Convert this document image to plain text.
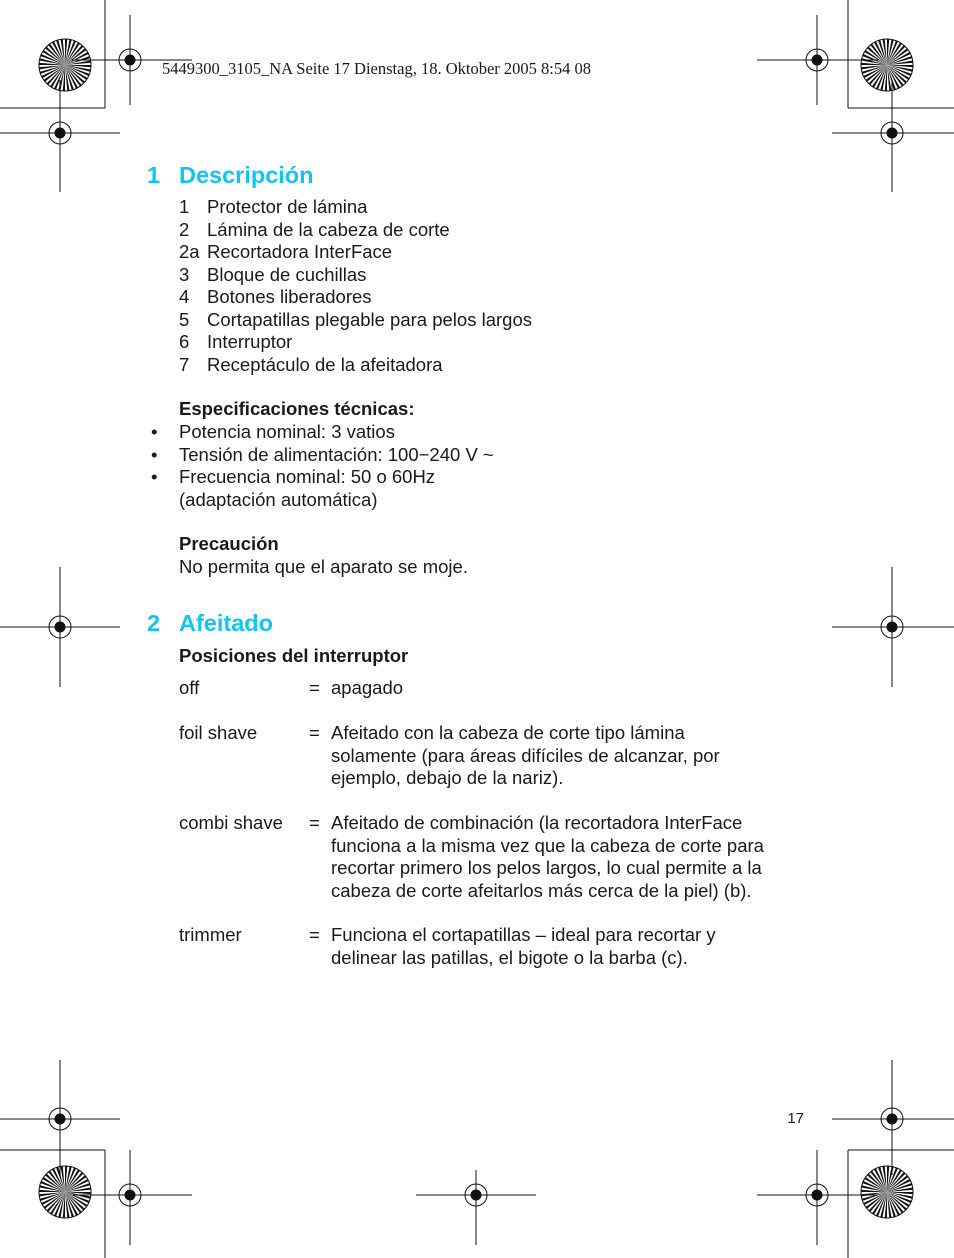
5449300_3105_NA Seite 17 Dienstag, 18. Oktober 2005 8:54 08
1 Descripción
1 Protector de lámina
2 Lámina de la cabeza de corte
2a Recortadora InterFace
3 Bloque de cuchillas
4 Botones liberadores
5 Cortapatillas plegable para pelos largos
6 Interruptor
7 Receptáculo de la afeitadora
Especificaciones técnicas:
• Potencia nominal: 3 vatios
• Tensión de alimentación: 100−240 V ~
• Frecuencia nominal: 50 o 60Hz
(adaptación automática)
Precaución
No permita que el aparato se moje.
2 Afeitado
Posiciones del interruptor
off	= apagado
foil shave	= Afeitado con la cabeza de corte tipo lámina
solamente (para áreas difíciles de alcanzar, por
ejemplo, debajo de la nariz).
combi shave = Afeitado de combinación (la recortadora InterFace
funciona a la misma vez que la cabeza de corte para
recortar primero los pelos largos, lo cual permite a la
cabeza de corte afeitarlos más cerca de la piel) (b).
trimmer	= Funciona el cortapatillas – ideal para recortar y
delinear las patillas, el bigote o la barba (c).
17
